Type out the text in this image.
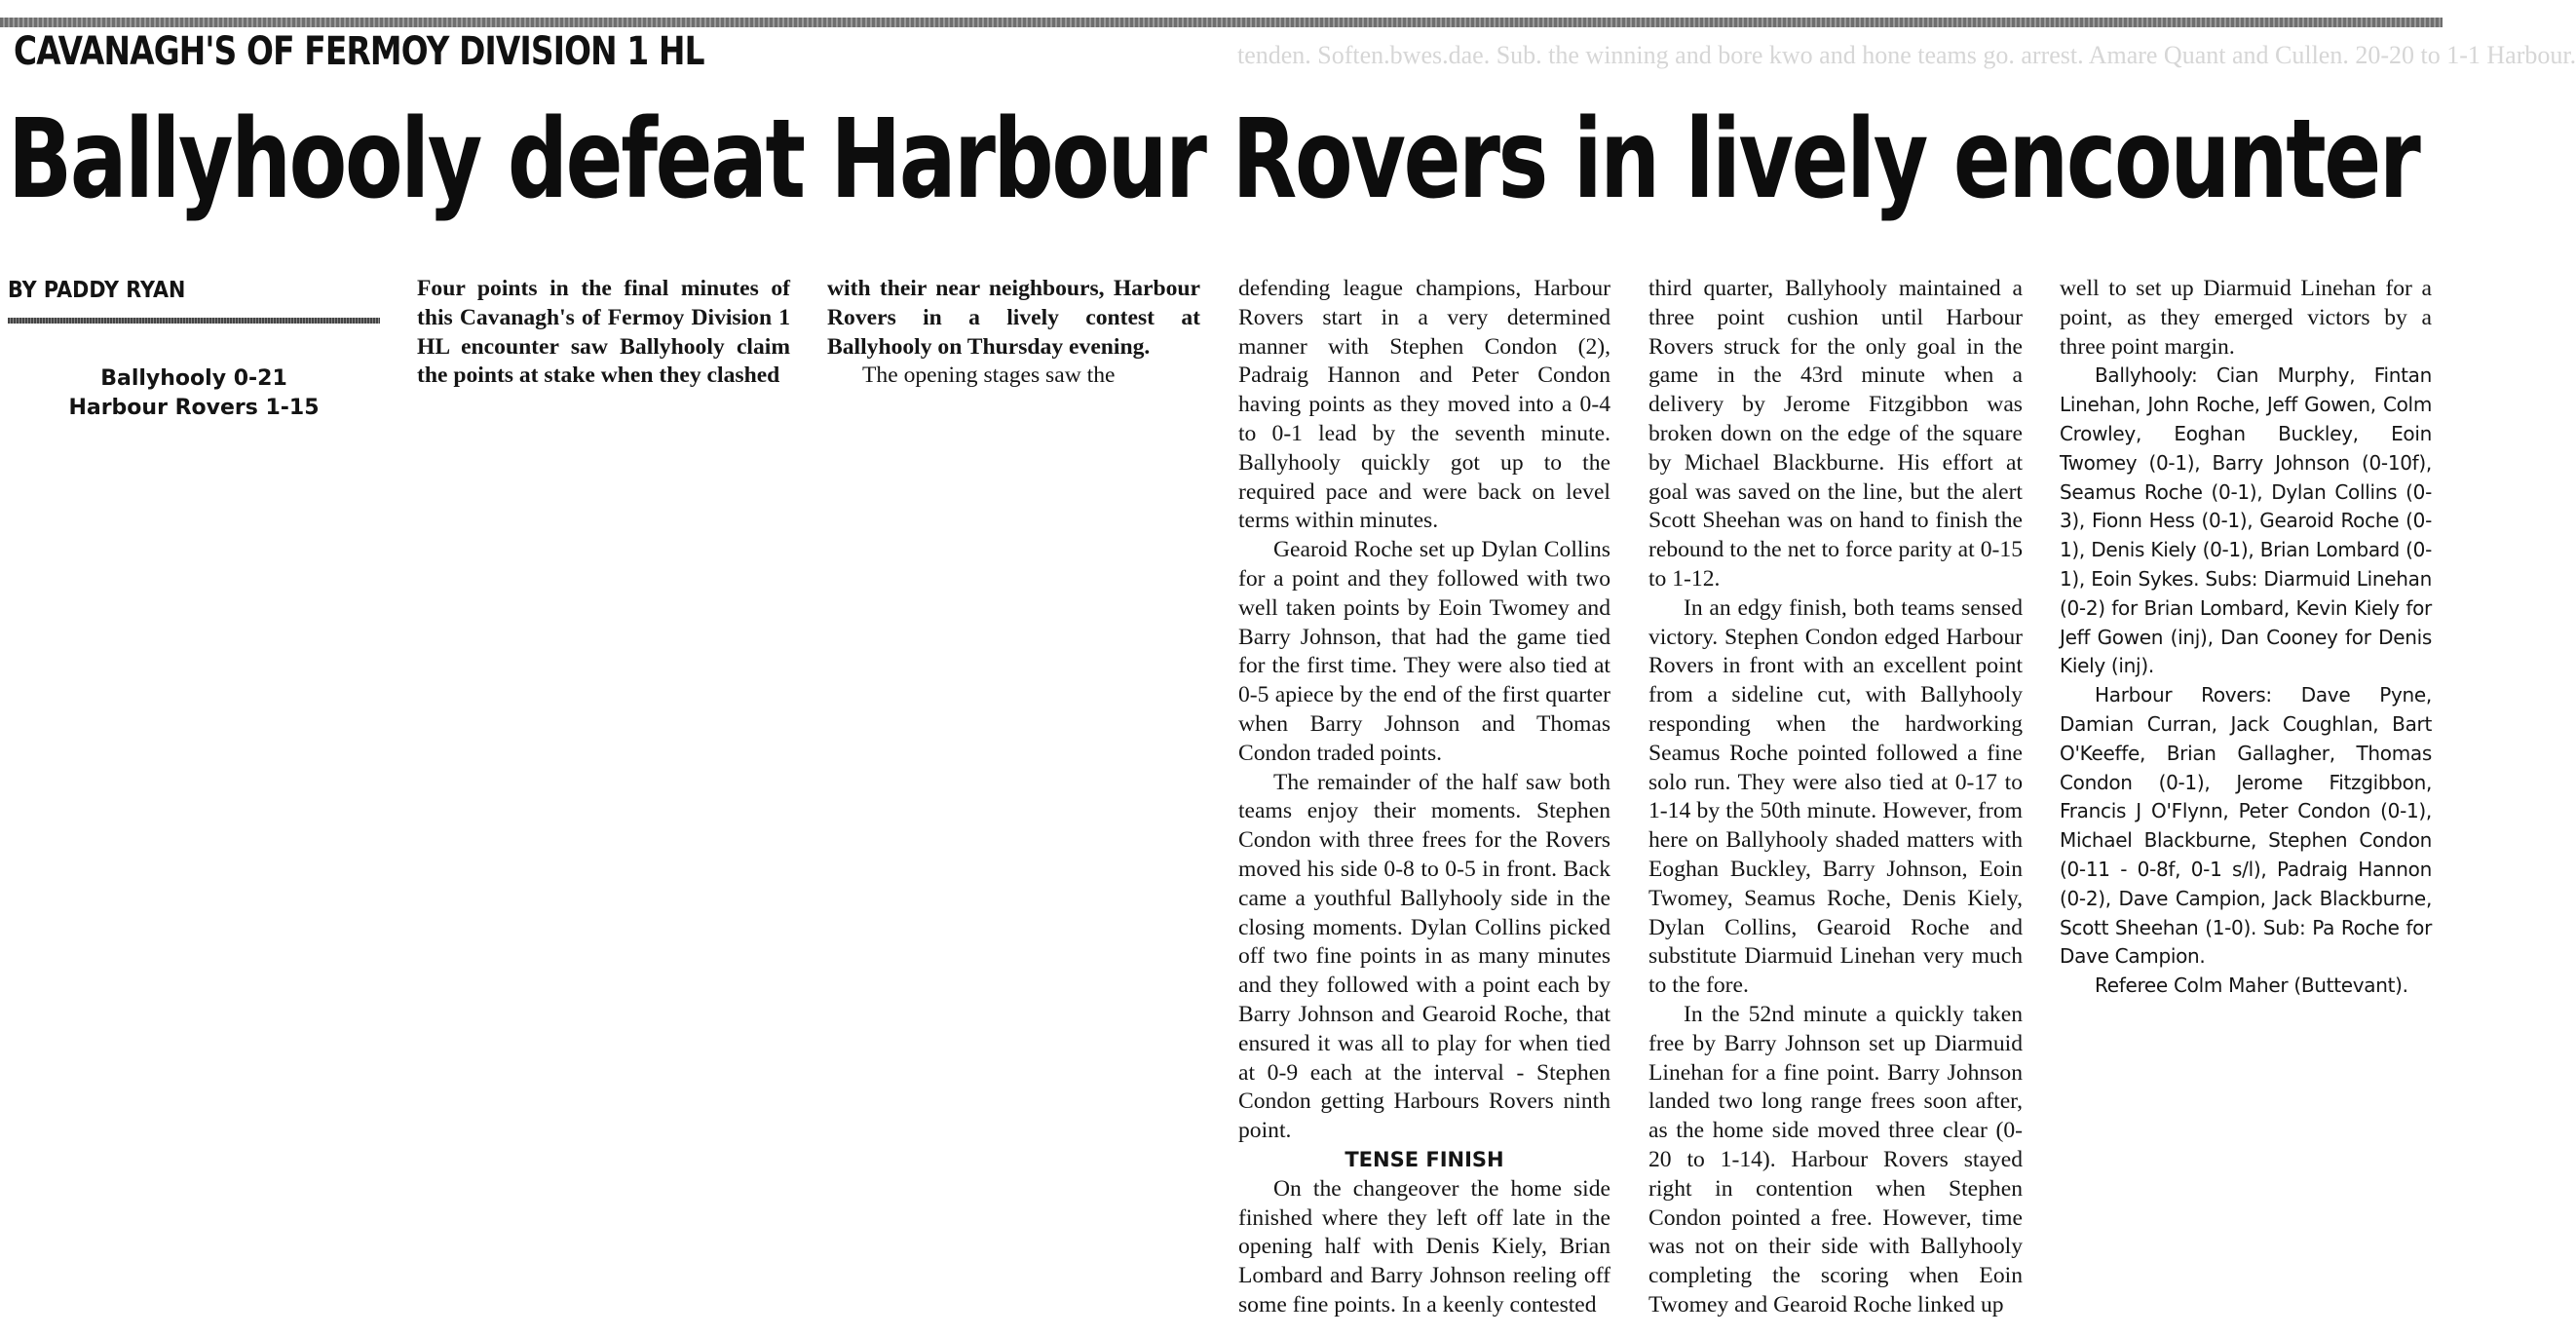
CAVANAGH'S OF FERMOY DIVISION 1 HL	tenden. Soften.bwes.dae. Sub. the winning and bore kwo and hone teams go. arrest. Amare Quant and Cullen. 20-20 to 1-1 Harbour.
Ballyhooly defeat Harbour Rovers in lively encounter
BY PADDY RYAN
Ballyhooly 0-21
Harbour Rovers 1-15

Four points in the final minutes of this Cavanagh's of Fermoy Division 1 HL encounter saw Ballyhooly claim the points at stake when they clashed

with their near neighbours, Harbour Rovers in a lively contest at Ballyhooly on Thursday evening.

The opening stages saw the

defending league champions, Harbour Rovers start in a very determined manner with Stephen Condon (2), Padraig Hannon and Peter Condon having points as they moved into a 0-4 to 0-1 lead by the seventh minute. Ballyhooly quickly got up to the required pace and were back on level terms within minutes.

Gearoid Roche set up Dylan Collins for a point and they followed with two well taken points by Eoin Twomey and Barry Johnson, that had the game tied for the first time. They were also tied at 0-5 apiece by the end of the first quarter when Barry Johnson and Thomas Condon traded points.

The remainder of the half saw both teams enjoy their moments. Stephen Condon with three frees for the Rovers moved his side 0-8 to 0-5 in front. Back came a youthful Ballyhooly side in the closing moments. Dylan Collins picked off two fine points in as many minutes and they followed with a point each by Barry Johnson and Gearoid Roche, that ensured it was all to play for when tied at 0-9 each at the interval - Stephen Condon getting Harbours Rovers ninth point.

TENSE FINISH

On the changeover the home side finished where they left off late in the opening half with Denis Kiely, Brian Lombard and Barry Johnson reeling off some fine points. In a keenly contested

third quarter, Ballyhooly maintained a three point cushion until Harbour Rovers struck for the only goal in the game in the 43rd minute when a delivery by Jerome Fitzgibbon was broken down on the edge of the square by Michael Blackburne. His effort at goal was saved on the line, but the alert Scott Sheehan was on hand to finish the rebound to the net to force parity at 0-15 to 1-12.

In an edgy finish, both teams sensed victory. Stephen Condon edged Harbour Rovers in front with an excellent point from a sideline cut, with Ballyhooly responding when the hardworking Seamus Roche pointed followed a fine solo run. They were also tied at 0-17 to 1-14 by the 50th minute. However, from here on Ballyhooly shaded matters with Eoghan Buckley, Barry Johnson, Eoin Twomey, Seamus Roche, Denis Kiely, Dylan Collins, Gearoid Roche and substitute Diarmuid Linehan very much to the fore.

In the 52nd minute a quickly taken free by Barry Johnson set up Diarmuid Linehan for a fine point. Barry Johnson landed two long range frees soon after, as the home side moved three clear (0-20 to 1-14). Harbour Rovers stayed right in contention when Stephen Condon pointed a free. However, time was not on their side with Ballyhooly completing the scoring when Eoin Twomey and Gearoid Roche linked up

well to set up Diarmuid Linehan for a point, as they emerged victors by a three point margin.

Ballyhooly: Cian Murphy, Fintan Linehan, John Roche, Jeff Gowen, Colm Crowley, Eoghan Buckley, Eoin Twomey (0-1), Barry Johnson (0-10f), Seamus Roche (0-1), Dylan Collins (0-3), Fionn Hess (0-1), Gearoid Roche (0-1), Denis Kiely (0-1), Brian Lombard (0-1), Eoin Sykes. Subs: Diarmuid Linehan (0-2) for Brian Lombard, Kevin Kiely for Jeff Gowen (inj), Dan Cooney for Denis Kiely (inj).

Harbour Rovers: Dave Pyne, Damian Curran, Jack Coughlan, Bart O'Keeffe, Brian Gallagher, Thomas Condon (0-1), Jerome Fitzgibbon, Francis J O'Flynn, Peter Condon (0-1), Michael Blackburne, Stephen Condon (0-11 - 0-8f, 0-1 s/l), Padraig Hannon (0-2), Dave Campion, Jack Blackburne, Scott Sheehan (1-0). Sub: Pa Roche for Dave Campion.

Referee Colm Maher (Buttevant).
